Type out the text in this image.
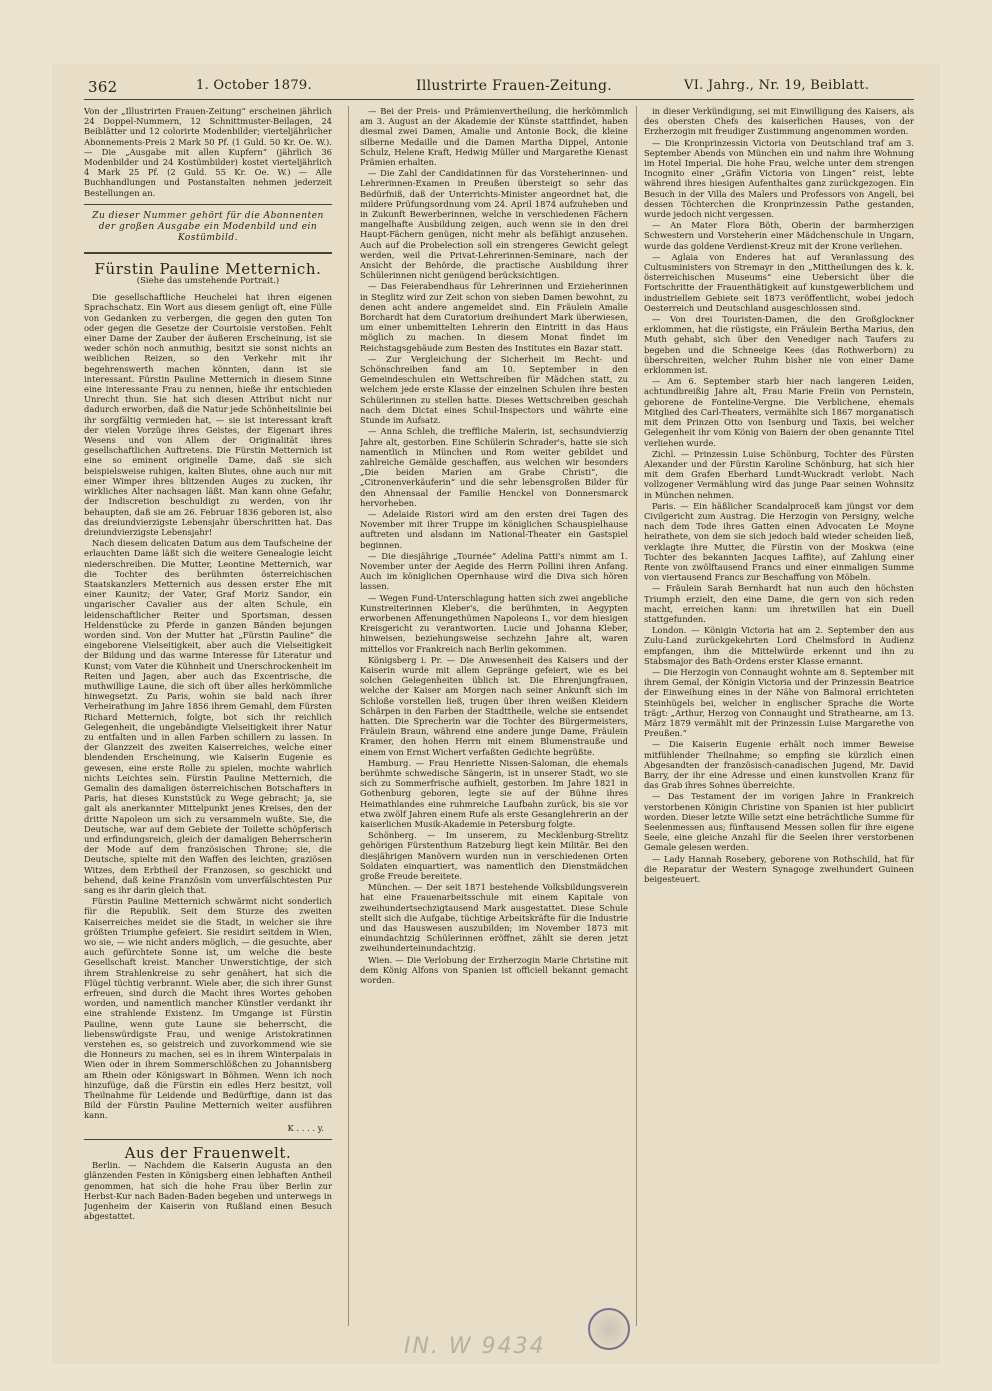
362	1. October 1879.	Illustrirte Frauen-Zeitung.	VI. Jahrg., Nr. 19, Beiblatt.
Von der „Illustrirten Frauen-Zeitung“ erscheinen jährlich 24 Doppel-Nummern, 12 Schnittmuster-Beilagen, 24 Beiblätter und 12 colorirte Modenbilder; vierteljährlicher Abonnements-Preis 2 Mark 50 Pf. (1 Guld. 50 Kr. Oe. W.). — Die „Ausgabe mit allen Kupfern“ (jährlich 36 Modenbilder und 24 Kostümbilder) kostet vierteljährlich 4 Mark 25 Pf. (2 Guld. 55 Kr. Oe. W.) — Alle Buchhandlungen und Postanstalten nehmen jederzeit Bestellungen an.
Zu dieser Nummer gehört für die Abonnenten der großen Ausgabe ein Modenbild und ein Kostümbild.
Fürstin Pauline Metternich.
(Siehe das umstehende Portrait.)

Die gesellschaftliche Heuchelei hat ihren eigenen Sprachschatz. Ein Wort aus diesem genügt oft, eine Fülle von Gedanken zu verbergen, die gegen den guten Ton oder gegen die Gesetze der Courtoisie verstoßen. Fehlt einer Dame der Zauber der äußeren Erscheinung, ist sie weder schön noch anmuthig, besitzt sie sonst nichts an weiblichen Reizen, so den Verkehr mit ihr begehrenswerth machen könnten, dann ist sie interessant. Fürstin Pauline Metternich in diesem Sinne eine interessante Frau zu nennen, hieße ihr entschieden Unrecht thun. Sie hat sich diesen Attribut nicht nur dadurch erworben, daß die Natur jede Schönheitslinie bei ihr sorgfältig vermieden hat, — sie ist interessant kraft der vielen Vorzüge ihres Geistes, der Eigenart ihres Wesens und von Allem der Originalität ihres gesellschaftlichen Auftretens. Die Fürstin Metternich ist eine so eminent originelle Dame, daß sie sich beispielsweise ruhigen, kalten Blutes, ohne auch nur mit einer Wimper ihres blitzenden Auges zu zucken, ihr wirkliches Alter nachsagen läßt. Man kann ohne Gefahr, der Indiscretion beschuldigt zu werden, von ihr behaupten, daß sie am 26. Februar 1836 geboren ist, also das dreiundvierzigste Lebensjahr überschritten hat. Das dreiundvierzigste Lebensjahr!

Nach diesem delicaten Datum aus dem Taufscheine der erlauchten Dame läßt sich die weitere Genealogie leicht niederschreiben. Die Mutter, Leontine Metternich, war die Tochter des berühmten österreichischen Staatskanzlers Metternich aus dessen erster Ehe mit einer Kaunitz; der Vater, Graf Moriz Sandor, ein ungarischer Cavalier aus der alten Schule, ein leidenschaftlicher Reiter und Sportsman, dessen Heldenstücke zu Pferde in ganzen Bänden bejungen worden sind. Von der Mutter hat „Fürstin Pauline“ die eingeborene Vielseitigkeit, aber auch die Vielseitigkeit der Bildung und das warme Interesse für Literatur und Kunst; vom Vater die Kühnheit und Unerschrockenheit im Reiten und Jagen, aber auch das Excentrische, die muthwillige Laune, die sich oft über alles herkömmliche hinwegsetzt. Zu Paris, wohin sie bald nach ihrer Verheirathung im Jahre 1856 ihrem Gemahl, dem Fürsten Richard Metternich, folgte, bot sich ihr reichlich Gelegenheit, die ungebändigte Vielseitigkeit ihrer Natur zu entfalten und in allen Farben schillern zu lassen. In der Glanzzeit des zweiten Kaiserreiches, welche einer blendenden Erscheinung, wie Kaiserin Eugenie es gewesen, eine erste Rolle zu spielen, mochte wahrlich nichts Leichtes sein. Fürstin Pauline Metternich, die Gemalin des damaligen österreichischen Botschafters in Paris, hat dieses Kunststück zu Wege gebracht; ja, sie galt als anerkannter Mittelpunkt jenes Kreises, den der dritte Napoleon um sich zu versammeln wußte. Sie, die Deutsche, war auf dem Gebiete der Toilette schöpferisch und erfindungsreich, gleich der damaligen Beherrscherin der Mode auf dem französischen Throne; sie, die Deutsche, spielte mit den Waffen des leichten, graziösen Witzes, dem Erbtheil der Franzosen, so geschickt und behend, daß keine Französin vom unverfälschtesten Pur sang es ihr darin gleich that.

Fürstin Pauline Metternich schwärmt nicht sonderlich für die Republik. Seit dem Sturze des zweiten Kaiserreiches meidet sie die Stadt, in welcher sie ihre größten Triumphe gefeiert. Sie residirt seitdem in Wien, wo sie, — wie nicht anders möglich, — die gesuchte, aber auch gefürchtete Sonne ist, um welche die beste Gesellschaft kreist. Mancher Unwerstichtige, der sich ihrem Strahlenkreise zu sehr genähert, hat sich die Flügel tüchtig verbrannt. Wiele aber, die sich ihrer Gunst erfreuen, sind durch die Macht ihres Wortes gehoben worden, und namentlich mancher Künstler verdankt ihr eine strahlende Existenz. Im Umgange ist Fürstin Pauline, wenn gute Laune sie beherrscht, die liebenswürdigste Frau, und wenige Aristokratinnen verstehen es, so geistreich und zuvorkommend wie sie die Honneurs zu machen, sei es in ihrem Winterpalais in Wien oder in ihrem Sommerschlößchen zu Johannisberg am Rhein oder Königswart in Böhmen. Wenn ich noch hinzufüge, daß die Fürstin ein edles Herz besitzt, voll Theilnahme für Leidende und Bedürftige, dann ist das Bild der Fürstin Pauline Metternich weiter ausführen kann.

K . . . . y.
Aus der Frauenwelt.

Berlin. — Nachdem die Kaiserin Augusta an den glänzenden Festen in Königsberg einen lebhaften Antheil genommen, hat sich die hohe Frau über Berlin zur Herbst-Kur nach Baden-Baden begeben und unterwegs in Jugenheim der Kaiserin von Rußland einen Besuch abgestattet.

— Bei der Preis- und Prämienvertheilung, die herkömmlich am 3. August an der Akademie der Künste stattfindet, haben diesmal zwei Damen, Amalie und Antonie Bock, die kleine silberne Medaille und die Damen Martha Dippel, Antonie Schulz, Helene Kraft, Hedwig Müller und Margarethe Kienast Prämien erhalten.

— Die Zahl der Candidatinnen für das Vorsteherinnen- und Lehrerinnen-Examen in Preußen übersteigt so sehr das Bedürfniß, daß der Unterrichts-Minister angeordnet hat, die mildere Prüfungsordnung vom 24. April 1874 aufzuheben und in Zukunft Bewerberinnen, welche in verschiedenen Fächern mangelhafte Ausbildung zeigen, auch wenn sie in den drei Haupt-Fächern genügen, nicht mehr als befähigt anzusehen. Auch auf die Probelection soll ein strengeres Gewicht gelegt werden, weil die Privat-Lehrerinnen-Seminare, nach der Ansicht der Behörde, die practische Ausbildung ihrer Schülerinnen nicht genügend berücksichtigen.

— Das Feierabendhaus für Lehrerinnen und Erzieherinnen in Steglitz wird zur Zeit schon von sieben Damen bewohnt, zu denen acht andere angemeldet sind. Ein Fräulein Amalie Borchardt hat dem Curatorium dreihundert Mark überwiesen, um einer unbemittelten Lehrerin den Eintritt in das Haus möglich zu machen. In diesem Monat findet im Reichstagsgebäude zum Besten des Institutes ein Bazar statt.

— Zur Vergleichung der Sicherheit im Recht- und Schönschreiben fand am 10. September in den Gemeindeschulen ein Wettschreiben für Mädchen statt, zu welchem jede erste Klasse der einzelnen Schulen ihre besten Schülerinnen zu stellen hatte. Dieses Wettschreiben geschah nach dem Dictat eines Schul-Inspectors und währte eine Stunde im Aufsatz.

— Anna Schleh, die treffliche Malerin, ist, sechsundvierzig Jahre alt, gestorben. Eine Schülerin Schrader's, hatte sie sich namentlich in München und Rom weiter gebildet und zahlreiche Gemälde geschaffen, aus welchen wir besonders „Die beiden Marien am Grabe Christi“, die „Citronenverkäuferin“ und die sehr lebensgroßen Bilder für den Ahnensaal der Familie Henckel von Donnersmarck hervorheben.

— Adelaide Ristori wird am den ersten drei Tagen des November mit ihrer Truppe im königlichen Schauspielhause auftreten und alsdann im National-Theater ein Gastspiel beginnen.

— Die diesjährige „Tournée“ Adelina Patti's nimmt am 1. November unter der Aegide des Herrn Pollini ihren Anfang. Auch im königlichen Opernhause wird die Diva sich hören lassen.

— Wegen Fund-Unterschlagung hatten sich zwei angebliche Kunstreiterinnen Kleber's, die berühmten, in Aegypten erworbenen Affenungethümen Napoleons I., vor dem hiesigen Kreisgericht zu verantworten. Lucie und Johanna Kleber, hinweisen, beziehungsweise sechzehn Jahre alt, waren mittellos vor Frankreich nach Berlin gekommen.

Königsberg i. Pr. — Die Anwesenheit des Kaisers und der Kaiserin wurde mit allem Gepränge gefeiert, wie es bei solchen Gelegenheiten üblich ist. Die Ehrenjungfrauen, welche der Kaiser am Morgen nach seiner Ankunft sich im Schloße vorstellen ließ, trugen über ihren weißen Kleidern Schärpen in den Farben der Stadttheile, welche sie entsendet hatten. Die Sprecherin war die Tochter des Bürgermeisters, Fräulein Braun, während eine andere junge Dame, Fräulein Kramer, den hohen Herrn mit einem Blumenstrauße und einem von Ernst Wichert verfaßten Gedichte begrüßte.

Hamburg. — Frau Henriette Nissen-Saloman, die ehemals berühmte schwedische Sängerin, ist in unserer Stadt, wo sie sich zu Sommerfrische aufhielt, gestorben. Im Jahre 1821 in Gothenburg geboren, legte sie auf der Bühne ihres Heimathlandes eine ruhmreiche Laufbahn zurück, bis sie vor etwa zwölf Jahren einem Rufe als erste Gesanglehrerin an der kaiserlichen Musik-Akademie in Petersburg folgte.

Schönberg. — Im unserem, zu Mecklenburg-Strelitz gehörigen Fürstenthum Ratzeburg liegt kein Militär. Bei den diesjährigen Manövern wurden nun in verschiedenen Orten Soldaten einquartiert, was namentlich den Dienstmädchen große Freude bereitete.

München. — Der seit 1871 bestehende Volksbildungsverein hat eine Frauenarbeitsschule mit einem Kapitale von zweihundertsechzigtausend Mark ausgestattet. Diese Schule stellt sich die Aufgabe, tüchtige Arbeitskräfte für die Industrie und das Hauswesen auszubilden; im November 1873 mit einundachtzig Schülerinnen eröffnet, zählt sie deren jetzt zweihunderteinundachtzig.

Wien. — Die Verlobung der Erzherzogin Marie Christine mit dem König Alfons von Spanien ist officiell bekannt gemacht worden.

in dieser Verkündigung, sei mit Einwilligung des Kaisers, als des obersten Chefs des kaiserlichen Hauses, von der Erzherzogin mit freudiger Zustimmung angenommen worden.

— Die Kronprinzessin Victoria von Deutschland traf am 3. September Abends von München ein und nahm ihre Wohnung im Hotel Imperial. Die hohe Frau, welche unter dem strengen Incognito einer „Gräfin Victoria von Lingen“ reist, lebte während ihres hiesigen Aufenthaltes ganz zurückgezogen. Ein Besuch in der Villa des Malers und Professors von Angeli, bei dessen Töchterchen die Kronprinzessin Pathe gestanden, wurde jedoch nicht vergessen.

— An Mater Flora Böth, Oberin der barmherzigen Schwestern und Vorsteherin einer Mädchenschule in Ungarn, wurde das goldene Verdienst-Kreuz mit der Krone verliehen.

— Aglaia von Enderes hat auf Veranlassung des Cultusministers von Stremayr in den „Mittheilungen des k. k. österreichischen Museums“ eine Uebersicht über die Fortschritte der Frauenthätigkeit auf kunstgewerblichem und industriellem Gebiete seit 1873 veröffentlicht, wobei jedoch Oesterreich und Deutschland ausgeschlossen sind.

— Von drei Touristen-Damen, die den Großglockner erklommen, hat die rüstigste, ein Fräulein Bertha Marius, den Muth gehabt, sich über den Venediger nach Taufers zu begeben und die Schneeige Kees (das Rothwerborn) zu überschreiten, welcher Ruhm bisher nie von einer Dame erklommen ist.

— Am 6. September starb hier nach langeren Leiden, achtundbreißig Jahre alt, Frau Marie Freiin von Pernstein, geborene de Fonteline-Vergne. Die Verblichene, ehemals Mitglied des Carl-Theaters, vermählte sich 1867 morganatisch mit dem Prinzen Otto von Isenburg und Taxis, bei welcher Gelegenheit ihr vom König von Baiern der oben genannte Titel verliehen wurde.

Zichl. — Prinzessin Luise Schönburg, Tochter des Fürsten Alexander und der Fürstin Karoline Schönburg, hat sich hier mit dem Grafen Eberhard Lundt-Wuckradt verlobt. Nach vollzogener Vermählung wird das junge Paar seinen Wohnsitz in München nehmen.

Paris. — Ein häßlicher Scandalproceß kam jüngst vor dem Civilgericht zum Austrag. Die Herzogin von Persigny, welche nach dem Tode ihres Gatten einen Advocaten Le Moyne heirathete, von dem sie sich jedoch bald wieder scheiden ließ, verklagte ihre Mutter, die Fürstin von der Moskwa (eine Tochter des bekannten Jacques Laffite), auf Zahlung einer Rente von zwölftausend Francs und einer einmaligen Summe von viertausend Francs zur Beschaffung von Möbeln.

— Fräulein Sarah Bernhardt hat nun auch den höchsten Triumph erzielt, den eine Dame, die gern von sich reden macht, erreichen kann: um ihretwillen hat ein Duell stattgefunden.

London. — Königin Victoria hat am 2. September den aus Zulu-Land zurückgekehrten Lord Chelmsford in Audienz empfangen, ihm die Mittelwürde erkennt und ihn zu Stabsmajor des Bath-Ordens erster Klasse ernannt.

— Die Herzogin von Connaught wohnte am 8. September mit ihrem Gemal, der Königin Victoria und der Prinzessin Beatrice der Einweihung eines in der Nähe von Balmoral errichteten Steinhügels bei, welcher in englischer Sprache die Worte trägt: „Arthur, Herzog von Connaught und Strathearne, am 13. März 1879 vermählt mit der Prinzessin Luise Margarethe von Preußen.“

— Die Kaiserin Eugenie erhält noch immer Beweise mitfühlender Theilnahme; so empfing sie kürzlich einen Abgesandten der französisch-canadischen Jugend, Mr. David Barry, der ihr eine Adresse und einen kunstvollen Kranz für das Grab ihres Sohnes überreichte.

— Das Testament der im vorigen Jahre in Frankreich verstorbenen Königin Christine von Spanien ist hier publicirt worden. Dieser letzte Wille setzt eine beträchtliche Summe für Seelenmessen aus; fünftausend Messen sollen für ihre eigene Seele, eine gleiche Anzahl für die Seelen ihrer verstorbenen Gemale gelesen werden.

— Lady Hannah Rosebery, geborene von Rothschild, hat für die Reparatur der Western Synagoge zweihundert Guineen beigesteuert.

IN. W 9434
